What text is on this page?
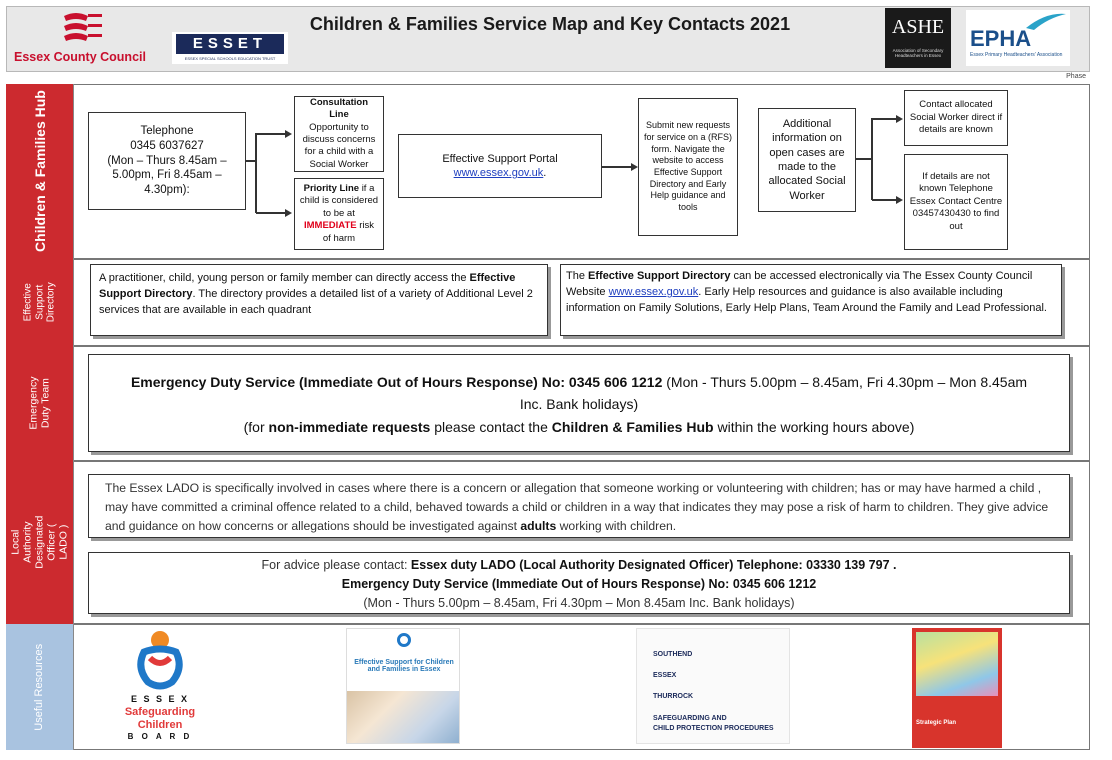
Essex County Council
ESSET
ESSEX SPECIAL SCHOOLS EDUCATION TRUST
Children & Families Service Map and Key Contacts 2021	ASHE
Association of Secondary Headteachers in Essex
EPHA
Essex Primary Headteachers' Association
Phase
Children & Families Hub
Effective Support Directory
Emergency Duty Team
Local Authority Designated Officer ( LADO )
Useful Resources
Telephone
0345 6037627
(Mon – Thurs 8.45am – 5.00pm, Fri 8.45am – 4.30pm):
Consultation Line
Opportunity to discuss concerns for a child with a Social Worker
Priority Line if a child is considered to be at IMMEDIATE risk of harm
Effective Support Portal
www.essex.gov.uk.
Submit new requests for service on a (RFS) form. Navigate the website to access Effective Support Directory and Early Help guidance and tools
Additional information on open cases are made to the allocated Social Worker
Contact allocated Social Worker direct if details are known
If details are not known Telephone Essex Contact Centre 03457430430 to find out
A practitioner, child, young person or family member can directly access the Effective Support Directory. The directory provides a detailed list of a variety of Additional Level 2 services that are available in each quadrant
The Effective Support Directory can be accessed electronically via The Essex County Council Website www.essex.gov.uk. Early Help resources and guidance is also available including information on Family Solutions, Early Help Plans, Team Around the Family and Lead Professional.
Emergency Duty Service (Immediate Out of Hours Response) No: 0345 606 1212 (Mon - Thurs 5.00pm – 8.45am, Fri 4.30pm – Mon 8.45am
Inc. Bank holidays)
(for non-immediate requests please contact the Children & Families Hub within the working hours above)
The Essex LADO is specifically involved in cases where there is a concern or allegation that someone working or volunteering with children; has or may have harmed a child , may have committed a criminal offence related to a child, behaved towards a child or children in a way that indicates they may pose a risk of harm to children. They give advice and guidance on how concerns or allegations should be investigated against adults working with children.
For advice please contact: Essex duty LADO (Local Authority Designated Officer) Telephone: 03330 139 797 .
Emergency Duty Service (Immediate Out of Hours Response) No: 0345 606 1212
(Mon - Thurs 5.00pm – 8.45am, Fri 4.30pm – Mon 8.45am Inc. Bank holidays)
E S S E X
Safeguarding
Children
B O A R D
Effective Support for Children and Families in Essex
SOUTHEND
ESSEX
THURROCK
SAFEGUARDING AND
CHILD PROTECTION PROCEDURES
Strategic Plan
